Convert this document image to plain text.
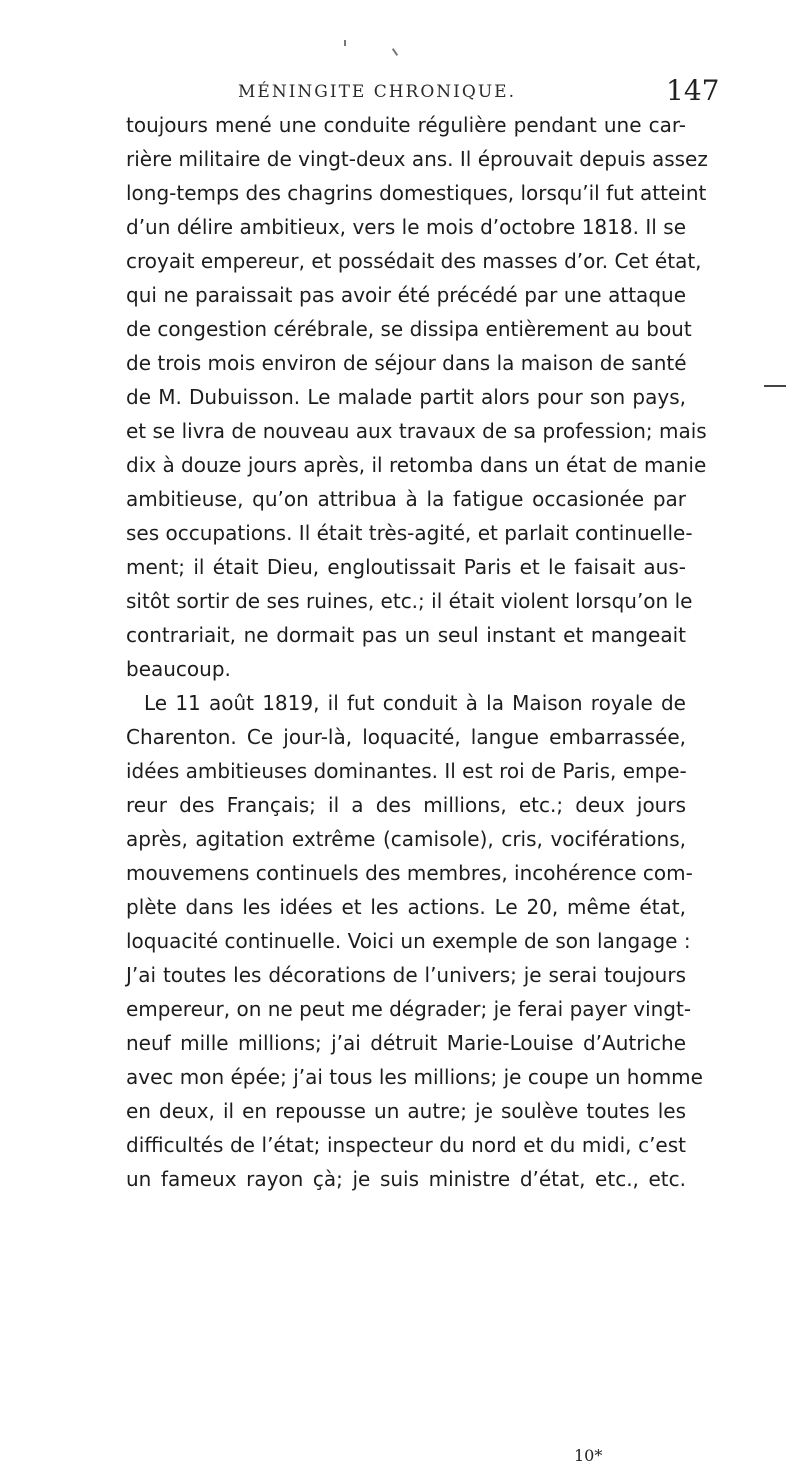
MÉNINGITE CHRONIQUE.	147
toujours mené une conduite régulière pendant une car-
rière militaire de vingt-deux ans. Il éprouvait depuis assez
long-temps des chagrins domestiques, lorsqu’il fut atteint
d’un délire ambitieux, vers le mois d’octobre 1818. Il se
croyait empereur, et possédait des masses d’or. Cet état,
qui ne paraissait pas avoir été précédé par une attaque
de congestion cérébrale, se dissipa entièrement au bout
de trois mois environ de séjour dans la maison de santé
de M. Dubuisson. Le malade partit alors pour son pays,
et se livra de nouveau aux travaux de sa profession; mais
dix à douze jours après, il retomba dans un état de manie
ambitieuse, qu’on attribua à la fatigue occasionée par
ses occupations. Il était très-agité, et parlait continuelle-
ment; il était Dieu, engloutissait Paris et le faisait aus-
sitôt sortir de ses ruines, etc.; il était violent lorsqu’on le
contrariait, ne dormait pas un seul instant et mangeait
beaucoup.
Le 11 août 1819, il fut conduit à la Maison royale de
Charenton. Ce jour-là, loquacité, langue embarrassée,
idées ambitieuses dominantes. Il est roi de Paris, empe-
reur des Français; il a des millions, etc.; deux jours
après, agitation extrême (camisole), cris, vociférations,
mouvemens continuels des membres, incohérence com-
plète dans les idées et les actions. Le 20, même état,
loquacité continuelle. Voici un exemple de son langage :
J’ai toutes les décorations de l’univers; je serai toujours
empereur, on ne peut me dégrader; je ferai payer vingt-
neuf mille millions; j’ai détruit Marie-Louise d’Autriche
avec mon épée; j’ai tous les millions; je coupe un homme
en deux, il en repousse un autre; je soulève toutes les
difficultés de l’état; inspecteur du nord et du midi, c’est
un fameux rayon çà; je suis ministre d’état, etc., etc.
10*
